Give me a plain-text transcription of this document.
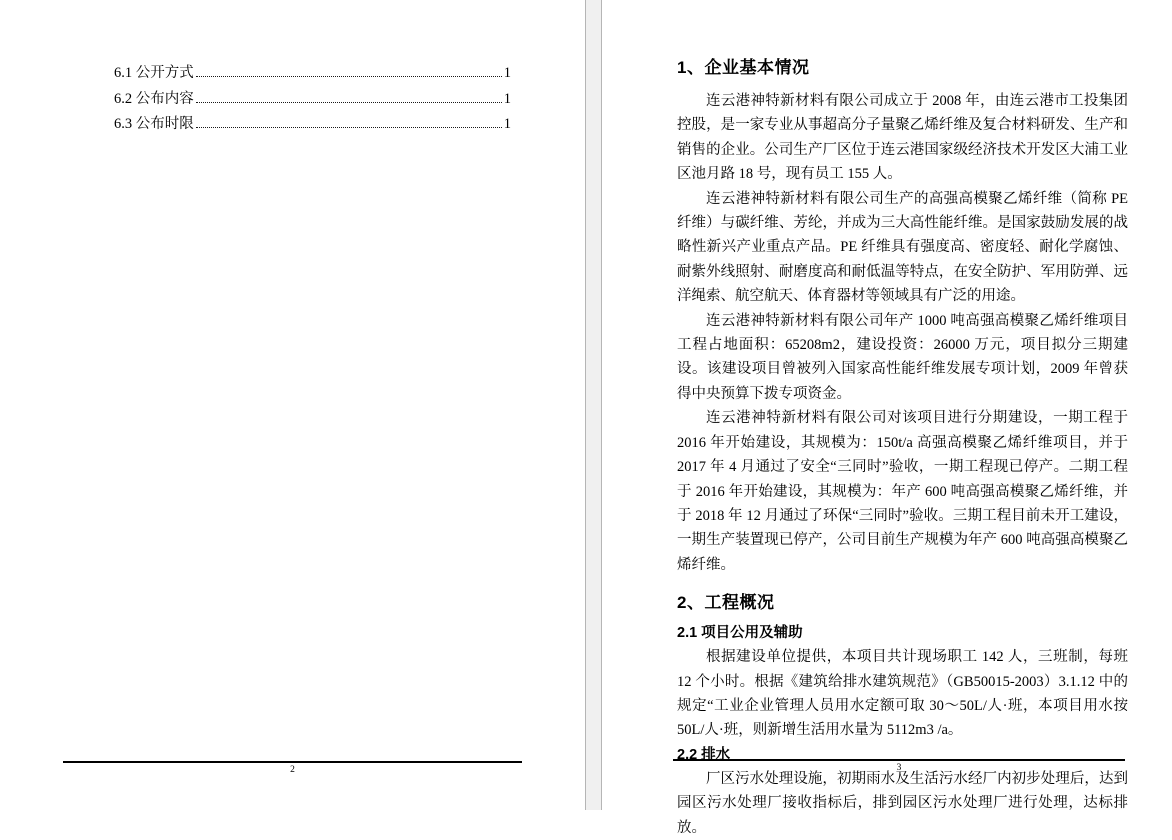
6.1 公开方式	1
6.2 公布内容	1
6.3 公布时限	1
2
1、企业基本情况

连云港神特新材料有限公司成立于 2008 年，由连云港市工投集团控股，是一家专业从事超高分子量聚乙烯纤维及复合材料研发、生产和销售的企业。公司生产厂区位于连云港国家级经济技术开发区大浦工业区池月路 18 号，现有员工 155 人。

连云港神特新材料有限公司生产的高强高模聚乙烯纤维（简称 PE 纤维）与碳纤维、芳纶，并成为三大高性能纤维。是国家鼓励发展的战略性新兴产业重点产品。PE 纤维具有强度高、密度轻、耐化学腐蚀、耐紫外线照射、耐磨度高和耐低温等特点，在安全防护、军用防弹、远洋绳索、航空航天、体育器材等领域具有广泛的用途。

连云港神特新材料有限公司年产 1000 吨高强高模聚乙烯纤维项目工程占地面积：65208m2，建设投资：26000 万元，项目拟分三期建设。该建设项目曾被列入国家高性能纤维发展专项计划，2009 年曾获得中央预算下拨专项资金。

连云港神特新材料有限公司对该项目进行分期建设，一期工程于 2016 年开始建设，其规模为：150t/a 高强高模聚乙烯纤维项目，并于 2017 年 4 月通过了安全“三同时”验收，一期工程现已停产。二期工程于 2016 年开始建设，其规模为：年产 600 吨高强高模聚乙烯纤维，并于 2018 年 12 月通过了环保“三同时”验收。三期工程目前未开工建设，一期生产装置现已停产，公司目前生产规模为年产 600 吨高强高模聚乙烯纤维。

2、工程概况
2.1 项目公用及辅助

根据建设单位提供，本项目共计现场职工 142 人，三班制，每班 12 个小时。根据《建筑给排水建筑规范》（GB50015-2003）3.1.12 中的规定“工业企业管理人员用水定额可取 30～50L/人·班，本项目用水按 50L/人·班，则新增生活用水量为 5112m3 /a。

2.2 排水

厂区污水处理设施，初期雨水及生活污水经厂内初步处理后，达到园区污水处理厂接收指标后，排到园区污水处理厂进行处理，达标排放。

3
